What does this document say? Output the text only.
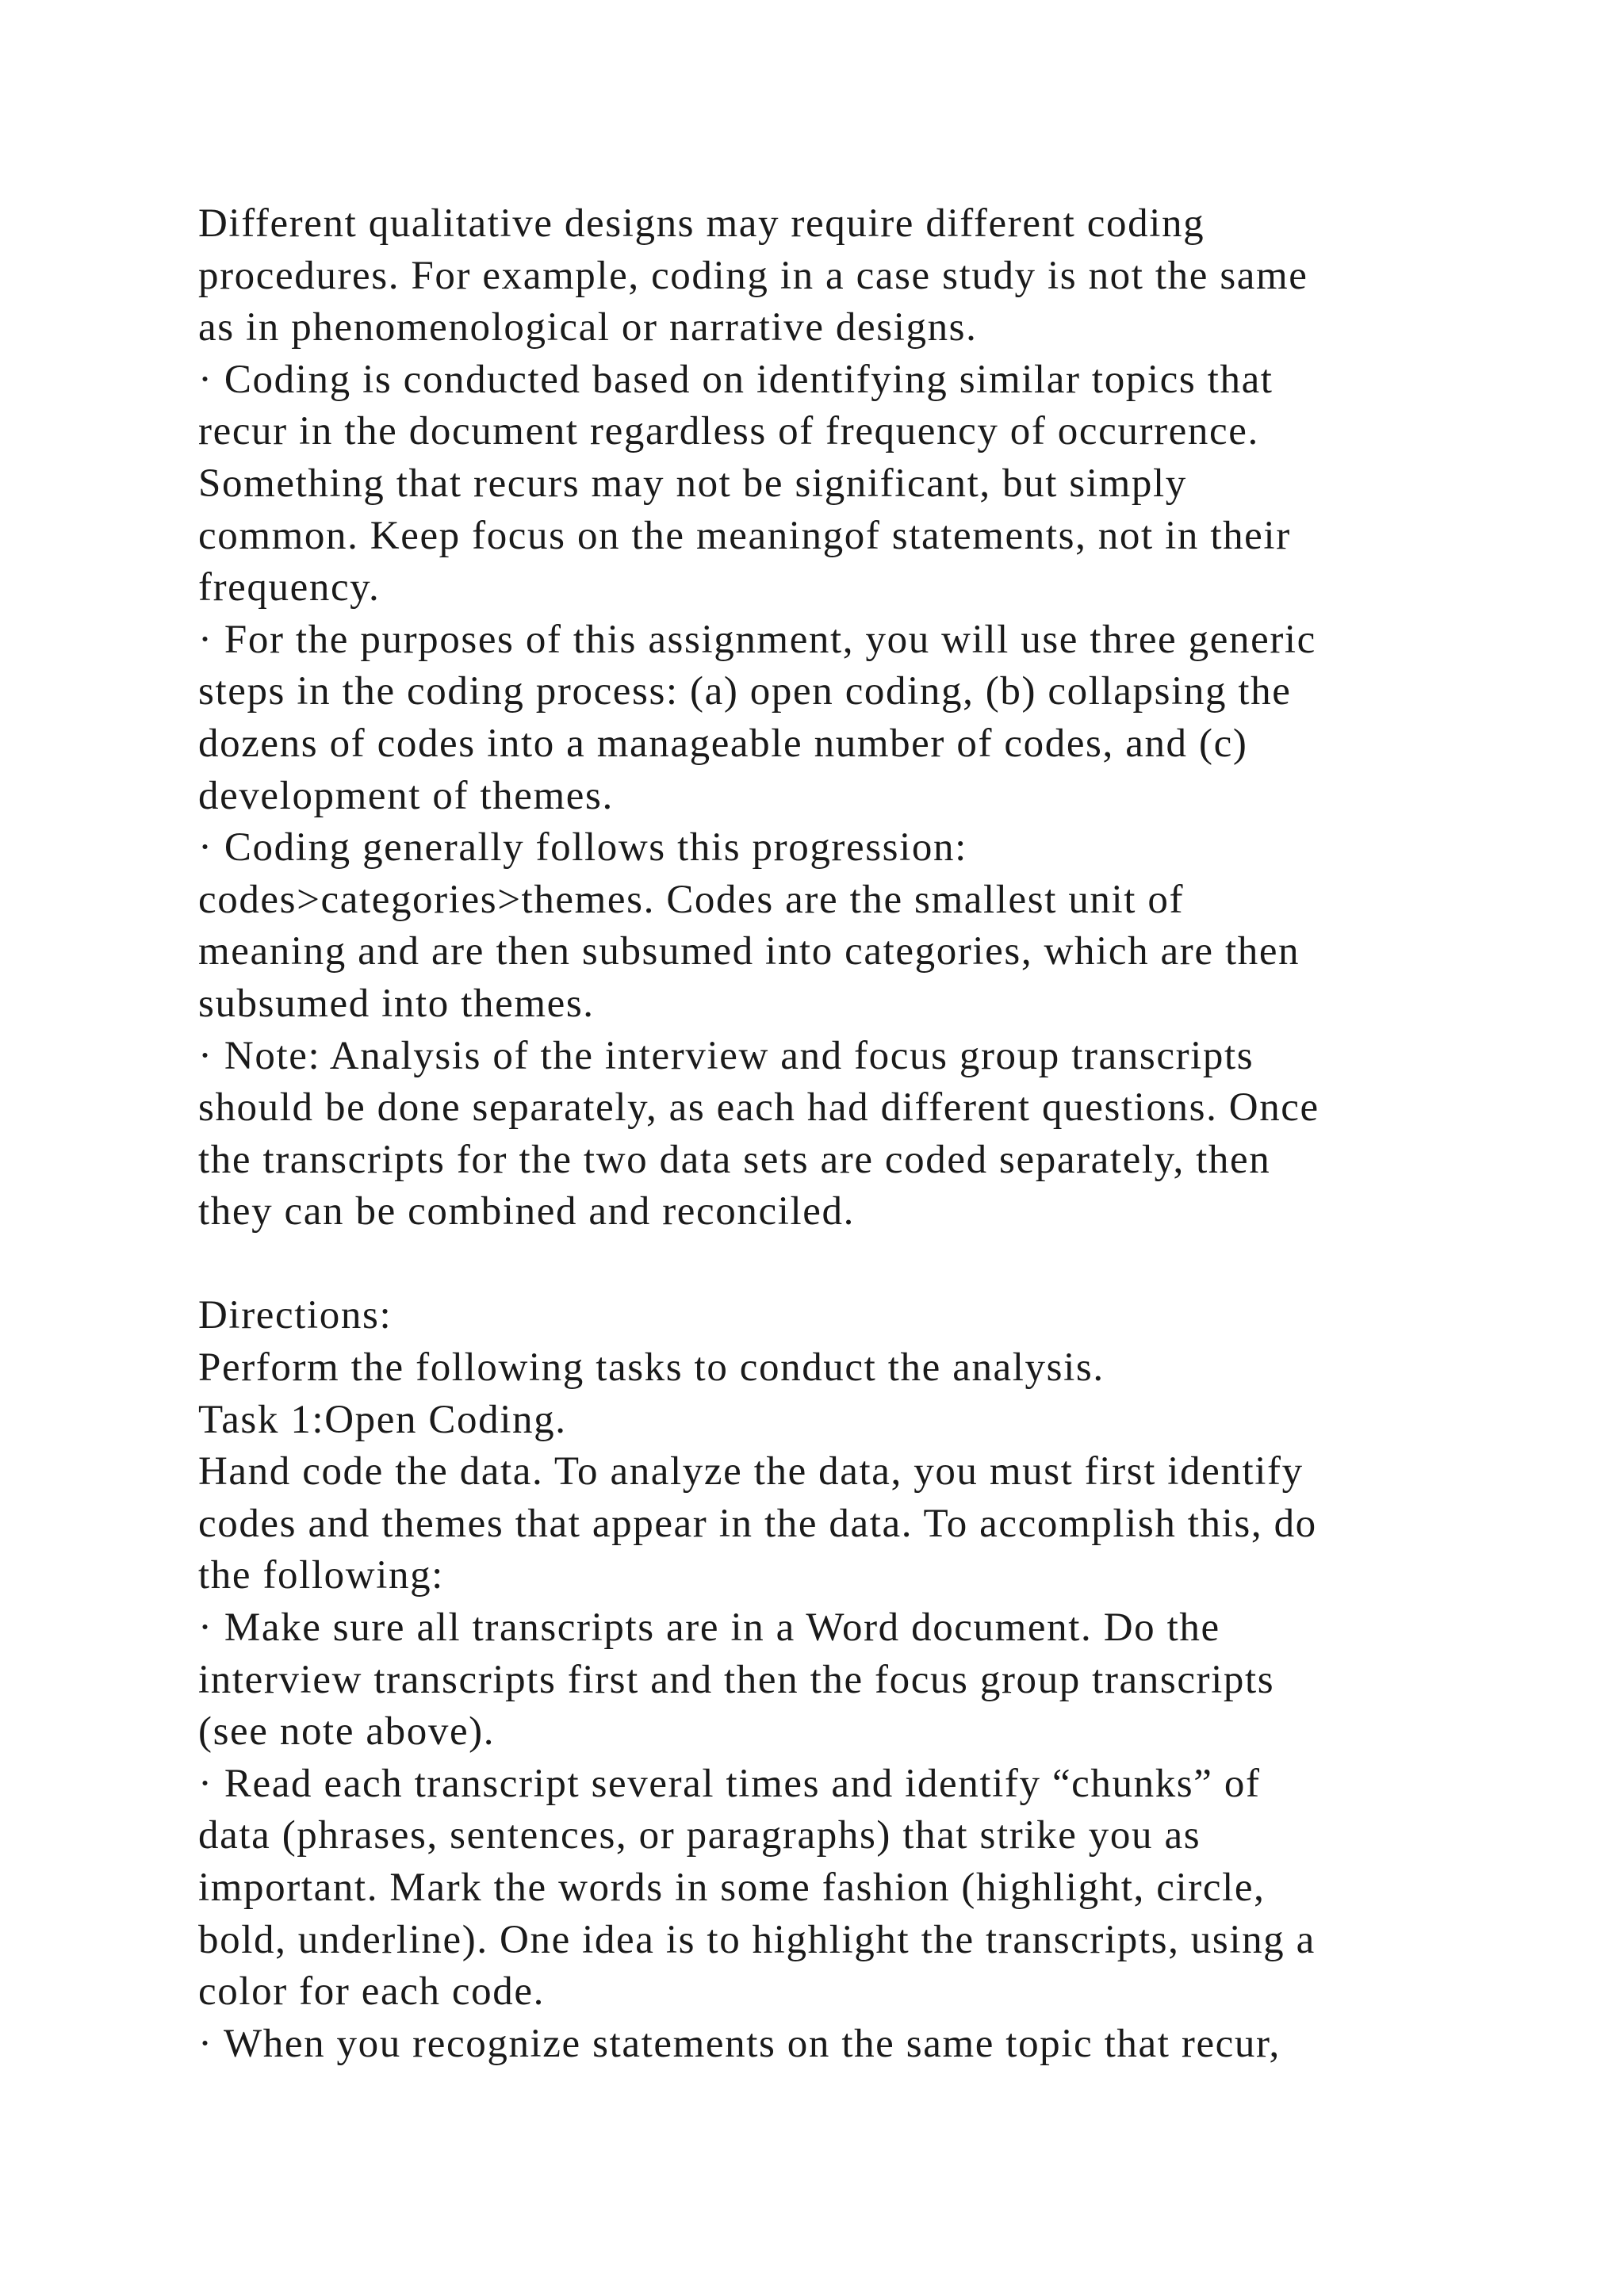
Different qualitative designs may require different coding
procedures. For example, coding in a case study is not the same
as in phenomenological or narrative designs.
· Coding is conducted based on identifying similar topics that
recur in the document regardless of frequency of occurrence.
Something that recurs may not be significant, but simply
common. Keep focus on the meaningof statements, not in their
frequency.
· For the purposes of this assignment, you will use three generic
steps in the coding process: (a) open coding, (b) collapsing the
dozens of codes into a manageable number of codes, and (c)
development of themes.
· Coding generally follows this progression:
codes>categories>themes. Codes are the smallest unit of
meaning and are then subsumed into categories, which are then
subsumed into themes.
· Note: Analysis of the interview and focus group transcripts
should be done separately, as each had different questions. Once
the transcripts for the two data sets are coded separately, then
they can be combined and reconciled.
Directions:
Perform the following tasks to conduct the analysis.
Task 1:Open Coding.
Hand code the data. To analyze the data, you must first identify
codes and themes that appear in the data. To accomplish this, do
the following:
· Make sure all transcripts are in a Word document. Do the
interview transcripts first and then the focus group transcripts
(see note above).
· Read each transcript several times and identify “chunks” of
data (phrases, sentences, or paragraphs) that strike you as
important. Mark the words in some fashion (highlight, circle,
bold, underline). One idea is to highlight the transcripts, using a
color for each code.
· When you recognize statements on the same topic that recur,
